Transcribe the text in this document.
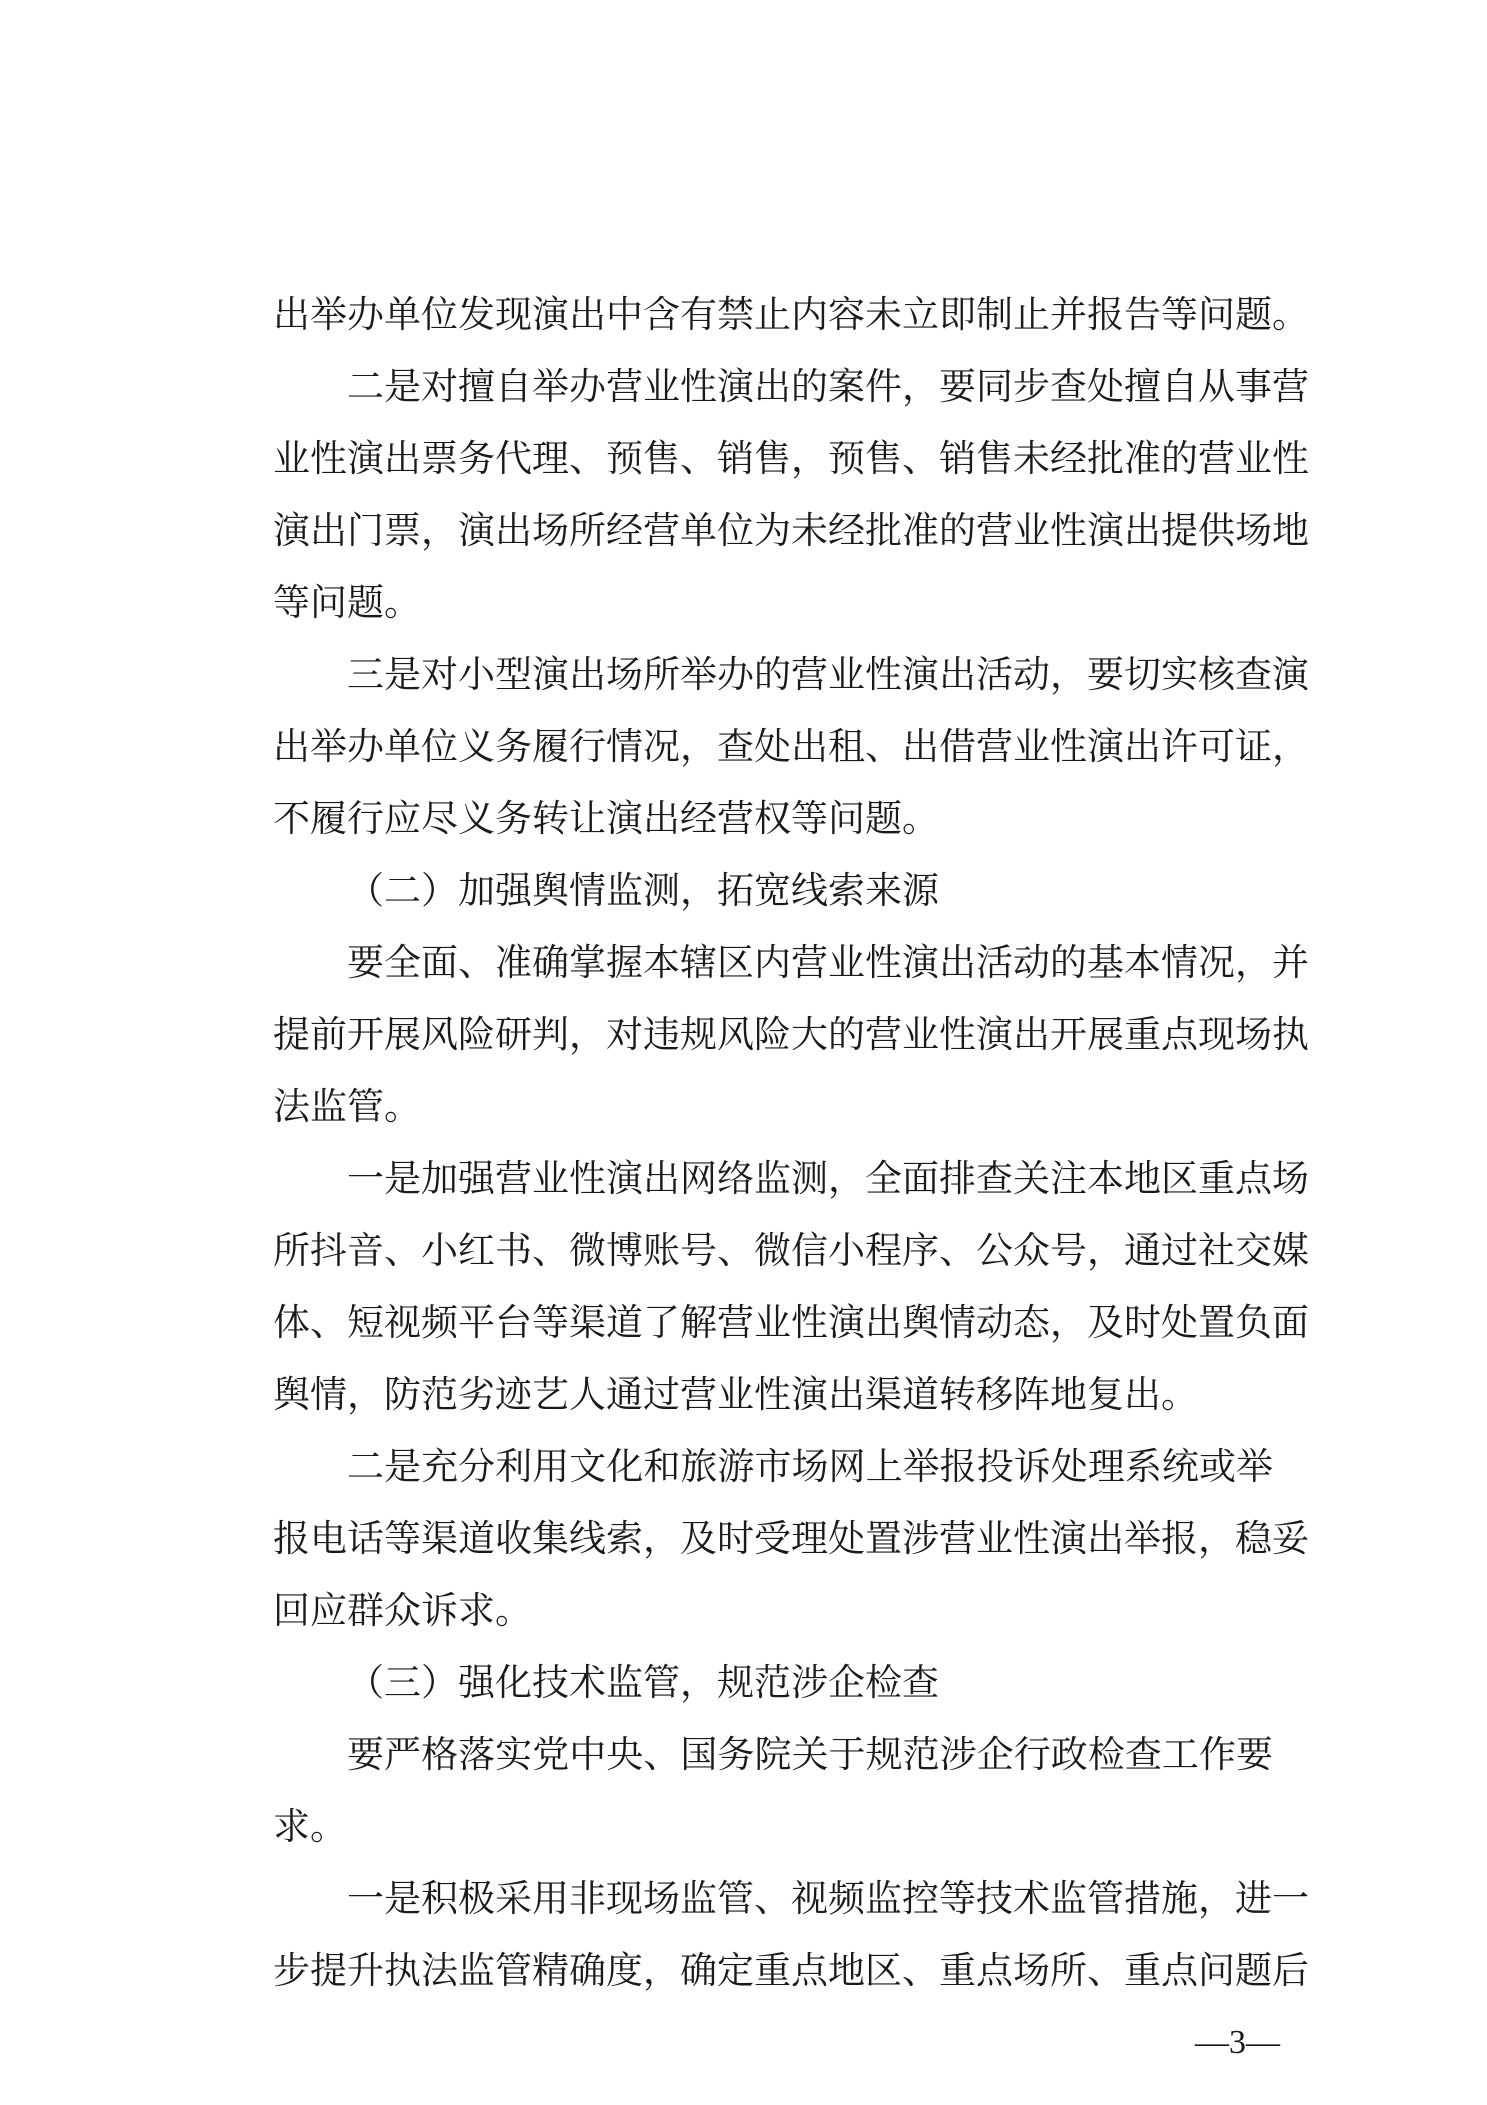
出举办单位发现演出中含有禁止内容未立即制止并报告等问题。
二是对擅自举办营业性演出的案件，要同步查处擅自从事营
业性演出票务代理、预售、销售，预售、销售未经批准的营业性
演出门票，演出场所经营单位为未经批准的营业性演出提供场地
等问题。
三是对小型演出场所举办的营业性演出活动，要切实核查演
出举办单位义务履行情况，查处出租、出借营业性演出许可证，
不履行应尽义务转让演出经营权等问题。
（二）加强舆情监测，拓宽线索来源
要全面、准确掌握本辖区内营业性演出活动的基本情况，并
提前开展风险研判，对违规风险大的营业性演出开展重点现场执
法监管。
一是加强营业性演出网络监测，全面排查关注本地区重点场
所抖音、小红书、微博账号、微信小程序、公众号，通过社交媒
体、短视频平台等渠道了解营业性演出舆情动态，及时处置负面
舆情，防范劣迹艺人通过营业性演出渠道转移阵地复出。
二是充分利用文化和旅游市场网上举报投诉处理系统或举
报电话等渠道收集线索，及时受理处置涉营业性演出举报，稳妥
回应群众诉求。
（三）强化技术监管，规范涉企检查
要严格落实党中央、国务院关于规范涉企行政检查工作要
求。
一是积极采用非现场监管、视频监控等技术监管措施，进一
步提升执法监管精确度，确定重点地区、重点场所、重点问题后
—3—
